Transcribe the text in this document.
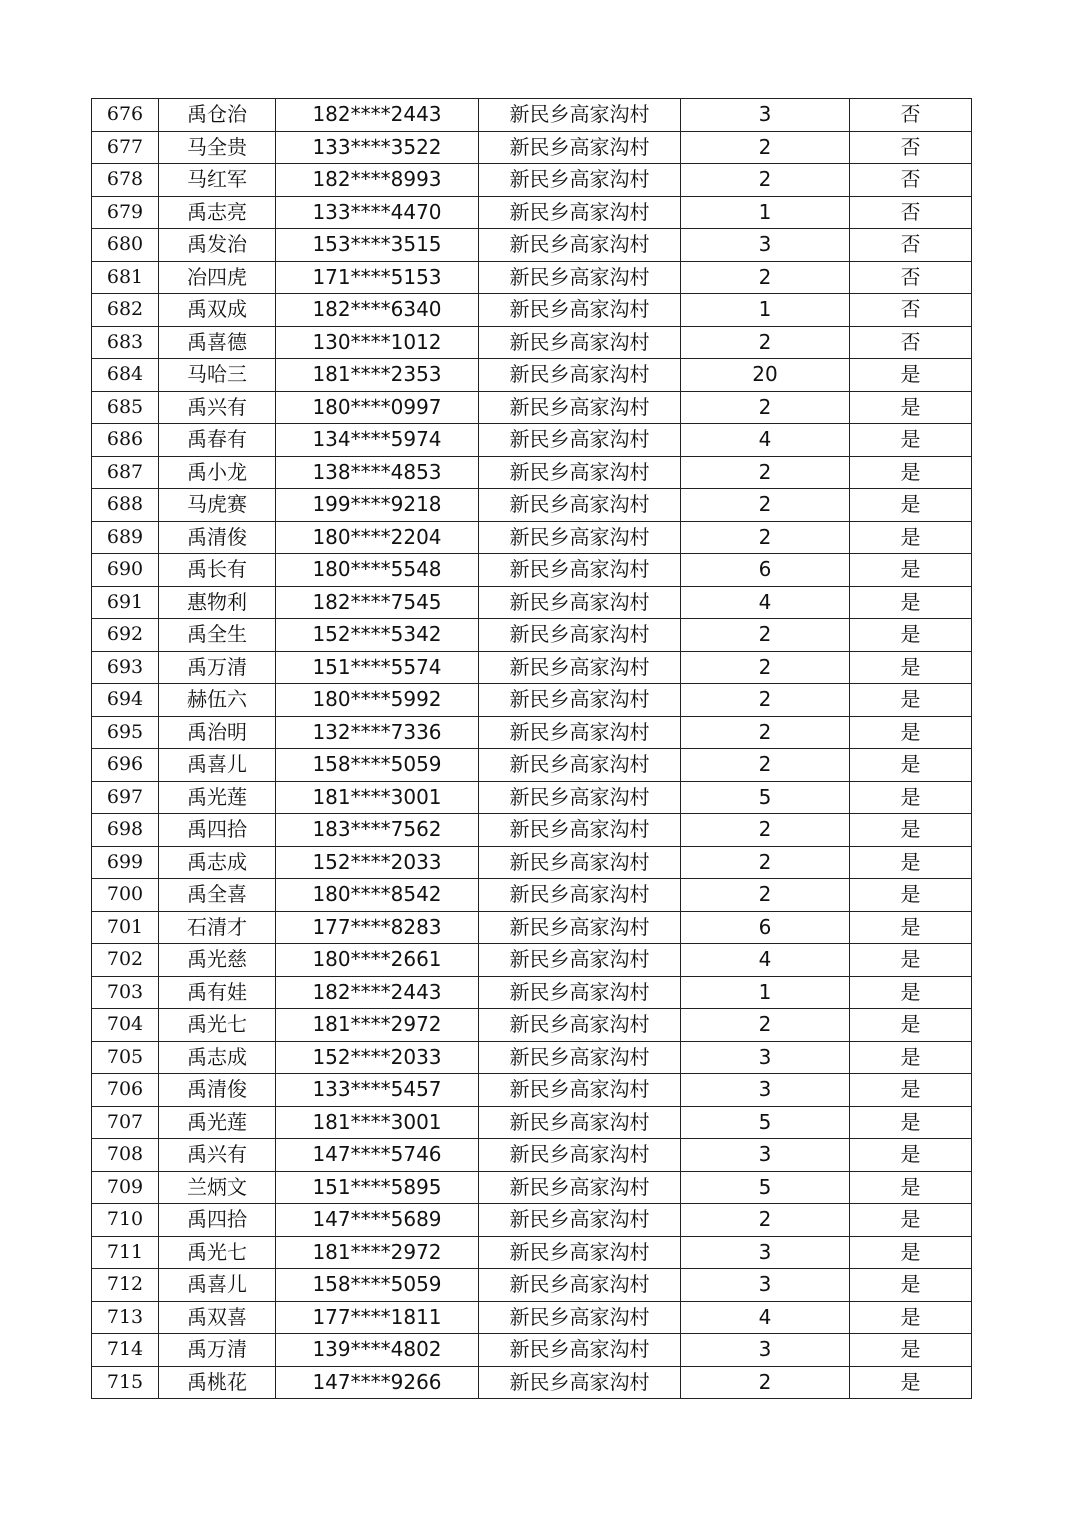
676	禹仓治	182****2443	新民乡高家沟村	3	否
677	马全贵	133****3522	新民乡高家沟村	2	否
678	马红军	182****8993	新民乡高家沟村	2	否
679	禹志亮	133****4470	新民乡高家沟村	1	否
680	禹发治	153****3515	新民乡高家沟村	3	否
681	冶四虎	171****5153	新民乡高家沟村	2	否
682	禹双成	182****6340	新民乡高家沟村	1	否
683	禹喜德	130****1012	新民乡高家沟村	2	否
684	马哈三	181****2353	新民乡高家沟村	20	是
685	禹兴有	180****0997	新民乡高家沟村	2	是
686	禹春有	134****5974	新民乡高家沟村	4	是
687	禹小龙	138****4853	新民乡高家沟村	2	是
688	马虎赛	199****9218	新民乡高家沟村	2	是
689	禹清俊	180****2204	新民乡高家沟村	2	是
690	禹长有	180****5548	新民乡高家沟村	6	是
691	惠物利	182****7545	新民乡高家沟村	4	是
692	禹全生	152****5342	新民乡高家沟村	2	是
693	禹万清	151****5574	新民乡高家沟村	2	是
694	赫伍六	180****5992	新民乡高家沟村	2	是
695	禹治明	132****7336	新民乡高家沟村	2	是
696	禹喜儿	158****5059	新民乡高家沟村	2	是
697	禹光莲	181****3001	新民乡高家沟村	5	是
698	禹四拾	183****7562	新民乡高家沟村	2	是
699	禹志成	152****2033	新民乡高家沟村	2	是
700	禹全喜	180****8542	新民乡高家沟村	2	是
701	石清才	177****8283	新民乡高家沟村	6	是
702	禹光慈	180****2661	新民乡高家沟村	4	是
703	禹有娃	182****2443	新民乡高家沟村	1	是
704	禹光七	181****2972	新民乡高家沟村	2	是
705	禹志成	152****2033	新民乡高家沟村	3	是
706	禹清俊	133****5457	新民乡高家沟村	3	是
707	禹光莲	181****3001	新民乡高家沟村	5	是
708	禹兴有	147****5746	新民乡高家沟村	3	是
709	兰炳文	151****5895	新民乡高家沟村	5	是
710	禹四拾	147****5689	新民乡高家沟村	2	是
711	禹光七	181****2972	新民乡高家沟村	3	是
712	禹喜儿	158****5059	新民乡高家沟村	3	是
713	禹双喜	177****1811	新民乡高家沟村	4	是
714	禹万清	139****4802	新民乡高家沟村	3	是
715	禹桃花	147****9266	新民乡高家沟村	2	是
